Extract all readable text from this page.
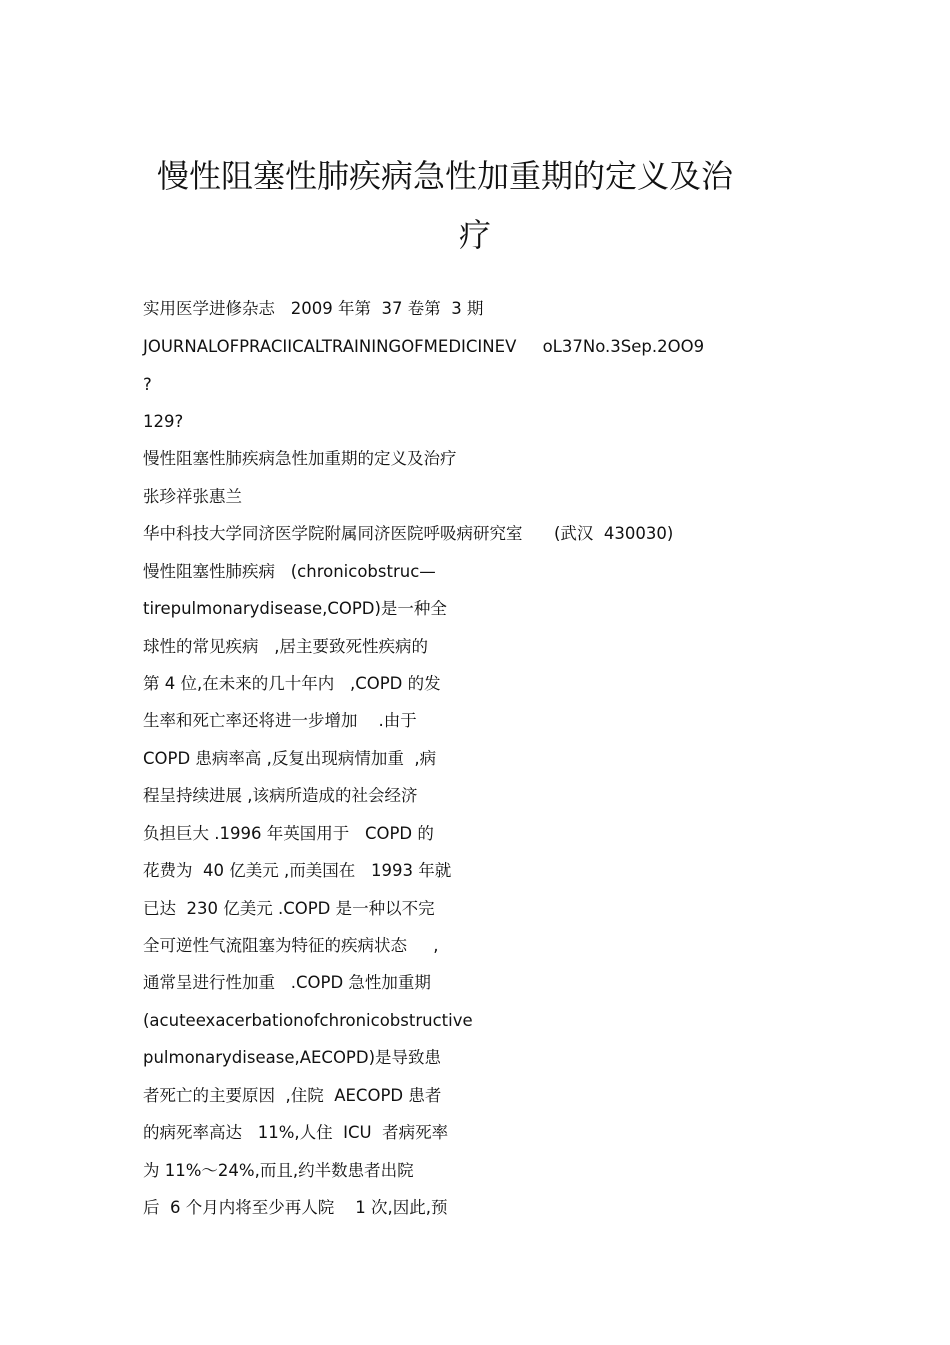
慢性阻塞性肺疾病急性加重期的定义及治
疗
实用医学进修杂志   2009 年第  37 卷第  3 期
JOURNALOFPRACIICALTRAININGOFMEDICINEV     oL37No.3Sep.2OO9
?
129?
慢性阻塞性肺疾病急性加重期的定义及治疗
张珍祥张惠兰
华中科技大学同济医学院附属同济医院呼吸病研究室      (武汉  430030)
慢性阻塞性肺疾病   (chronicobstruc—
tirepulmonarydisease,COPD)是一种全
球性的常见疾病   ,居主要致死性疾病的
第 4 位,在未来的几十年内   ,COPD 的发
生率和死亡率还将进一步增加    .由于
COPD 患病率高 ,反复出现病情加重  ,病
程呈持续进展 ,该病所造成的社会经济
负担巨大 .1996 年英国用于   COPD 的
花费为  40 亿美元 ,而美国在   1993 年就
已达  230 亿美元 .COPD 是一种以不完
全可逆性气流阻塞为特征的疾病状态     ,
通常呈进行性加重   .COPD 急性加重期
(acuteexacerbationofchronicobstructive
pulmonarydisease,AECOPD)是导致患
者死亡的主要原因  ,住院  AECOPD 患者
的病死率高达   11%,人住  ICU  者病死率
为 11%～24%,而且,约半数患者出院
后  6 个月内将至少再人院    1 次,因此,预
